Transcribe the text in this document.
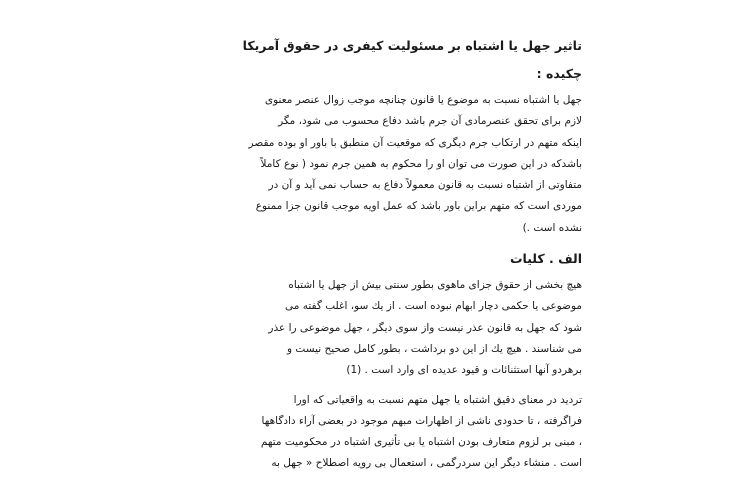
تاثیر جهل یا اشتباه بر مسئولیت کیفری در حقوق آمریکا
چکیده :
جهل یا اشتباه نسبت به موضوع یا قانون چنانچه موجب زوال عنصر معنوی
لازم برای تحقق عنصرمادی آن جرم باشد دفاع محسوب می شود، مگر
اینکه متهم در ارتکاب جرم دیگری که موقعیت آن منطبق با باور او بوده مقصر
باشدکه در این صورت می توان او را محکوم به همین جرم نمود ( نوع کاملاً
متفاوتی از اشتباه نسبت به قانون معمولاً دفاع به حساب نمی آید و آن در
موردی است که متهم براین باور باشد که عمل اویه موجب قانون جزا ممنوع
نشده است .)
الف . کلیات
هیچ بخشی از حقوق جزای ماهوی بطور سنتی بیش از جهل یا اشتباه
موضوعی یا حکمی دچار ابهام نبوده است . از یك سو، اغلب گفته می
شود که جهل به قانون عذر نیست واز سوی دیگر ، جهل موضوعی را عذر
می شناسند . هیچ یك از این دو برداشت ، بطور کامل صحیح نیست و
برهردو آنها استثنائات و قیود عدیده ای وارد است . (1)
تردید در معنای دقیق اشتباه یا جهل متهم نسبت به واقعیاتی که اورا
فراگرفته ، تا حدودی ناشی از اظهارات مبهم موجود در بعضی آراء دادگاهها
، مبنی بر لزوم متعارف بودن اشتباه یا بی تأثیری اشتباه در محکومیت متهم
است . منشاء دیگر این سردرگمی ، استعمال بی رویه اصطلاح « جهل به
